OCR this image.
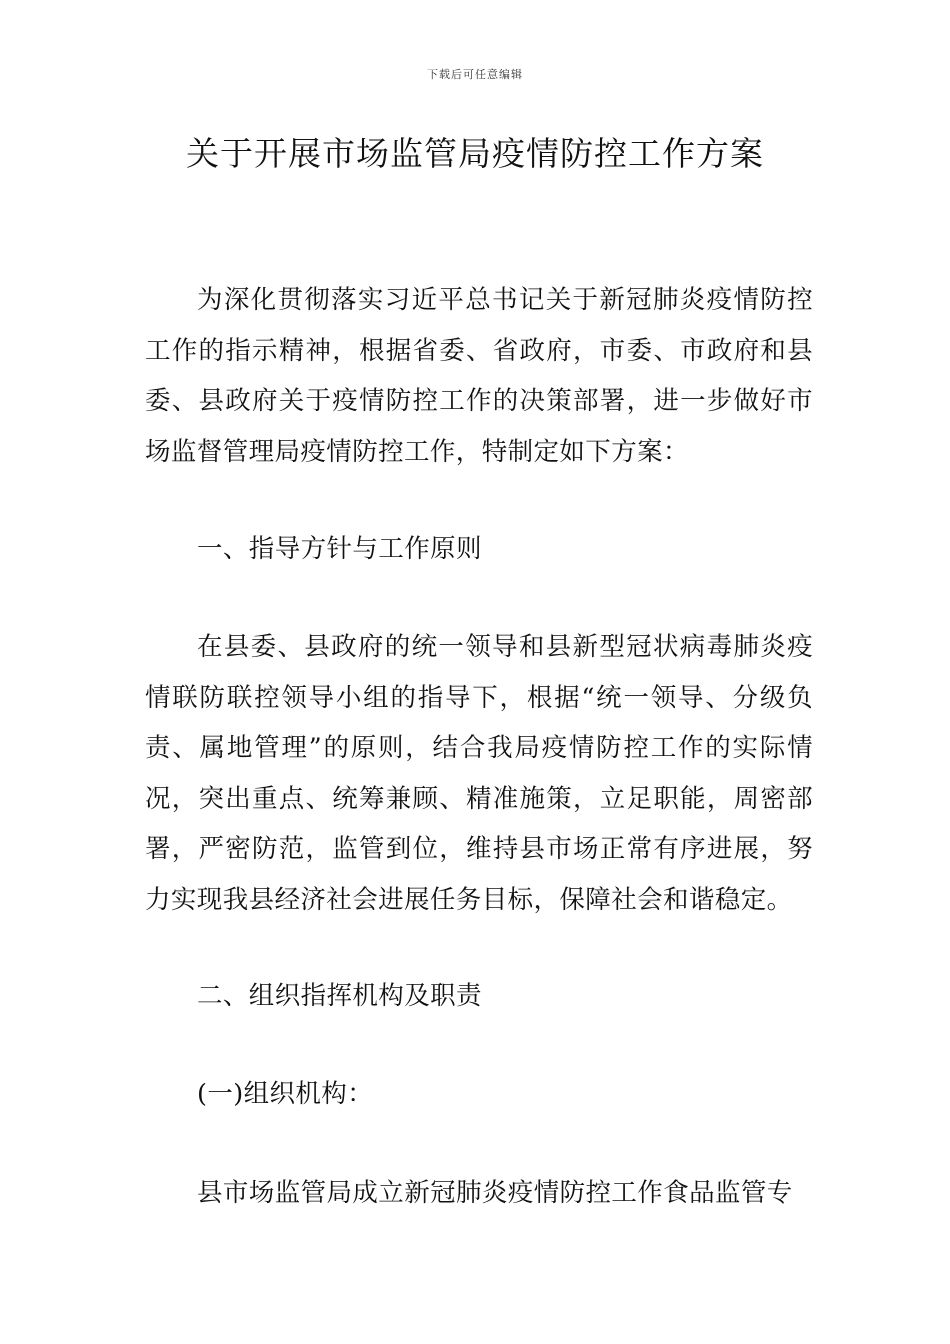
下载后可任意编辑
关于开展市场监管局疫情防控工作方案

为深化贯彻落实习近平总书记关于新冠肺炎疫情防控工作的指示精神，根据省委、省政府，市委、市政府和县委、县政府关于疫情防控工作的决策部署，进一步做好市场监督管理局疫情防控工作，特制定如下方案：

一、指导方针与工作原则

在县委、县政府的统一领导和县新型冠状病毒肺炎疫情联防联控领导小组的指导下，根据“统一领导、分级负责、属地管理”的原则，结合我局疫情防控工作的实际情况，突出重点、统筹兼顾、精准施策，立足职能，周密部署，严密防范，监管到位，维持县市场正常有序进展，努力实现我县经济社会进展任务目标，保障社会和谐稳定。

二、组织指挥机构及职责

(一)组织机构：

县市场监管局成立新冠肺炎疫情防控工作食品监管专
